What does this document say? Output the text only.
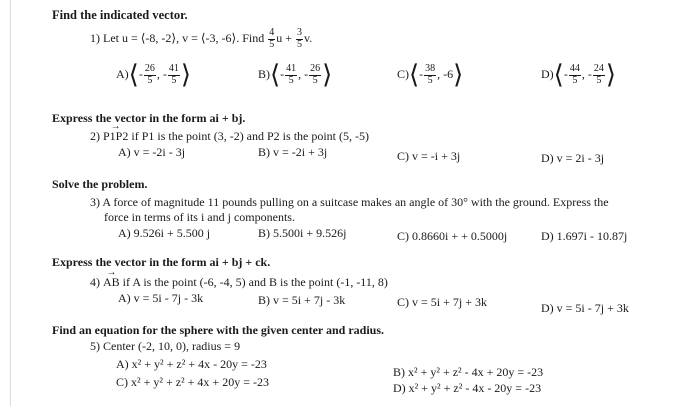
Find the indicated vector.
1) Let u = ⟨-8, -2⟩, v = ⟨-3, -6⟩. Find $\frac{4}{5}$ $u + \frac{3}{5} v$.
A)⟨- $\frac{26}{5}$ , - $\frac{41}{5}$ ⟩	B)⟨- $\frac{41}{5}$ , - $\frac{26}{5}$ ⟩	C)⟨- $\frac{38}{5}$ , -6⟩	D)⟨- $\frac{44}{5}$ , - $\frac{24}{5}$ ⟩
Express the vector in the form ai + bj.
2) → P1P2 if P1 is the point (3, -2) and P2 is the point (5, -5)
A) v = -2i - 3j	B) v = -2i + 3j	C) v = -i + 3j	D) v = 2i - 3j
Solve the problem.
3) A force of magnitude 11 pounds pulling on a suitcase makes an angle of 30° with the ground. Express the
force in terms of its i and j components.
A) 9.526i + 5.500 j	B) 5.500i + 9.526j	C) 0.8660i + + 0.5000j	D) 1.697i - 10.87j
Express the vector in the form ai + bj + ck.
4) → AB if A is the point (-6, -4, 5) and B is the point (-1, -11, 8)
A) v = 5i - 7j - 3k	B) v = 5i + 7j - 3k	C) v = 5i + 7j + 3k	D) v = 5i - 7j + 3k
Find an equation for the sphere with the given center and radius.
5) Center (-2, 10, 0), radius = 9
A) x² + y² + z² + 4x - 20y = -23
B) x² + y² + z² - 4x + 20y = -23
C) x² + y² + z² + 4x + 20y = -23	D) x² + y² + z² - 4x - 20y = -23
